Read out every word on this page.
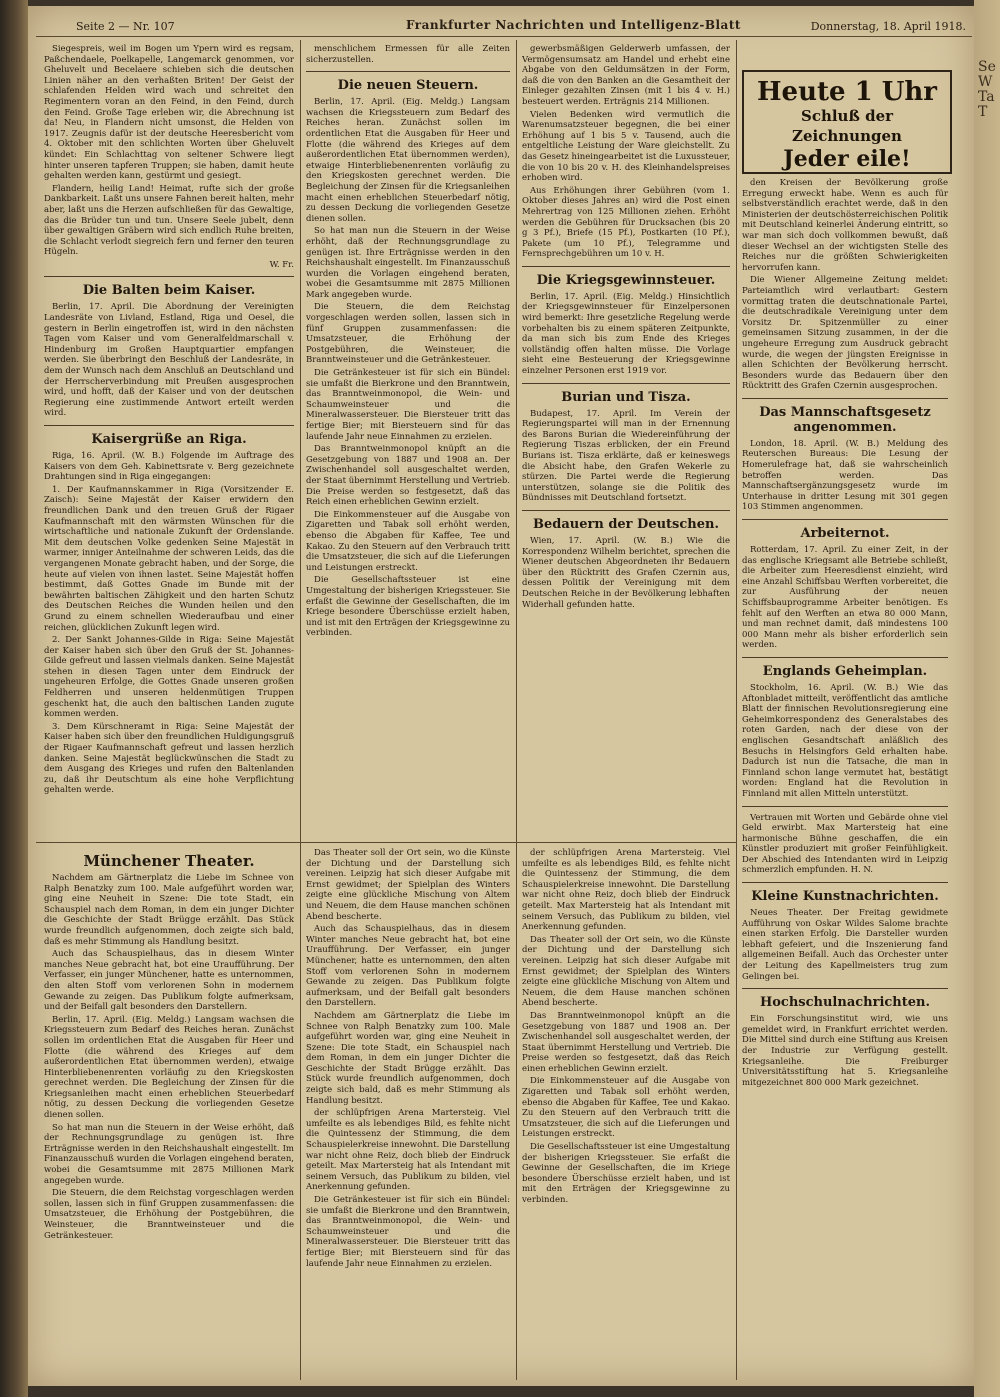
Se W Ta T
Seite 2 — Nr. 107	Frankfurter Nachrichten und Intelligenz-Blatt	Donnerstag, 18. April 1918.

Siegespreis, weil im Bogen um Ypern wird es regsam, Paßchendaele, Poelkapelle, Langemarck genommen, vor Gheluvelt und Becelaere schieben sich die deutschen Linien näher an den verhaßten Briten! Der Geist der schlafenden Helden wird wach und schreitet den Regimentern voran an den Feind, in den Feind, durch den Feind. Große Tage erleben wir, die Abrechnung ist da! Neu, in Flandern nicht umsonst, die Helden von 1917. Zeugnis dafür ist der deutsche Heeresbericht vom 4. Oktober mit den schlichten Worten über Gheluvelt kündet: Ein Schlachttag von seltener Schwere liegt hinter unseren tapferen Truppen; sie haben, damit heute gehalten werden kann, gestürmt und gesiegt.

Flandern, heilig Land! Heimat, rufte sich der große Dankbarkeit. Laßt uns unsere Fahnen bereit halten, mehr aber, laßt uns die Herzen aufschließen für das Gewaltige, das die Brüder tun und tun. Unsere Seele jubelt, denn über gewaltigen Gräbern wird sich endlich Ruhe breiten, die Schlacht verlodt siegreich fern und ferner den teuren Hügeln.

W. Fr.

Die Balten beim Kaiser.

Berlin, 17. April. Die Abordnung der Vereinigten Landesräte von Livland, Estland, Riga und Oesel, die gestern in Berlin eingetroffen ist, wird in den nächsten Tagen vom Kaiser und vom Generalfeldmarschall v. Hindenburg im Großen Hauptquartier empfangen werden. Sie überbringt den Beschluß der Landesräte, in dem der Wunsch nach dem Anschluß an Deutschland und der Herrscherverbindung mit Preußen ausgesprochen wird, und hofft, daß der Kaiser und von der deutschen Regierung eine zustimmende Antwort erteilt werden wird.

Kaisergrüße an Riga.

Riga, 16. April. (W. B.) Folgende im Auftrage des Kaisers von dem Geh. Kabinettsrate v. Berg gezeichnete Drahtungen sind in Riga eingegangen:

1. Der Kaufmannskammer in Riga (Vorsitzender E. Zaisch): Seine Majestät der Kaiser erwidern den freundlichen Dank und den treuen Gruß der Rigaer Kaufmannschaft mit den wärmsten Wünschen für die wirtschaftliche und nationale Zukunft der Ordenslande. Mit dem deutschen Volke gedenken Seine Majestät in warmer, inniger Anteilnahme der schweren Leids, das die vergangenen Monate gebracht haben, und der Sorge, die heute auf vielen von ihnen lastet. Seine Majestät hoffen bestimmt, daß Gottes Gnade im Bunde mit der bewährten baltischen Zähigkeit und den harten Schutz des Deutschen Reiches die Wunden heilen und den Grund zu einem schnellen Wiederaufbau und einer reichen, glücklichen Zukunft legen wird.

2. Der Sankt Johannes-Gilde in Riga: Seine Majestät der Kaiser haben sich über den Gruß der St. Johannes-Gilde gefreut und lassen vielmals danken. Seine Majestät stehen in diesen Tagen unter dem Eindruck der ungeheuren Erfolge, die Gottes Gnade unseren großen Feldherren und unseren heldenmütigen Truppen geschenkt hat, die auch den baltischen Landen zugute kommen werden.

3. Dem Kürschneramt in Riga: Seine Majestät der Kaiser haben sich über den freundlichen Huldigungsgruß der Rigaer Kaufmannschaft gefreut und lassen herzlich danken. Seine Majestät beglückwünschen die Stadt zu dem Ausgang des Krieges und rufen den Baltenlanden zu, daß ihr Deutschtum als eine hohe Verpflichtung gehalten werde.

menschlichem Ermessen für alle Zeiten sicherzustellen.

Die neuen Steuern.

Berlin, 17. April. (Eig. Meldg.) Langsam wachsen die Kriegssteuern zum Bedarf des Reiches heran. Zunächst sollen im ordentlichen Etat die Ausgaben für Heer und Flotte (die während des Krieges auf dem außerordentlichen Etat übernommen werden), etwaige Hinterbliebenenrenten vorläufig zu den Kriegskosten gerechnet werden. Die Begleichung der Zinsen für die Kriegsanleihen macht einen erheblichen Steuerbedarf nötig, zu dessen Deckung die vorliegenden Gesetze dienen sollen.

So hat man nun die Steuern in der Weise erhöht, daß der Rechnungsgrundlage zu genügen ist. Ihre Erträgnisse werden in den Reichshaushalt eingestellt. Im Finanzausschuß wurden die Vorlagen eingehend beraten, wobei die Gesamtsumme mit 2875 Millionen Mark angegeben wurde.

Die Steuern, die dem Reichstag vorgeschlagen werden sollen, lassen sich in fünf Gruppen zusammenfassen: die Umsatzsteuer, die Erhöhung der Postgebühren, die Weinsteuer, die Branntweinsteuer und die Getränkesteuer.

Die Getränkesteuer ist für sich ein Bündel: sie umfaßt die Bierkrone und den Branntwein, das Branntweinmonopol, die Wein- und Schaumweinsteuer und die Mineralwassersteuer. Die Biersteuer tritt das fertige Bier; mit Biersteuern sind für das laufende Jahr neue Einnahmen zu erzielen.

Das Branntweinmonopol knüpft an die Gesetzgebung von 1887 und 1908 an. Der Zwischenhandel soll ausgeschaltet werden, der Staat übernimmt Herstellung und Vertrieb. Die Preise werden so festgesetzt, daß das Reich einen erheblichen Gewinn erzielt.

Die Einkommensteuer auf die Ausgabe von Zigaretten und Tabak soll erhöht werden, ebenso die Abgaben für Kaffee, Tee und Kakao. Zu den Steuern auf den Verbrauch tritt die Umsatzsteuer, die sich auf die Lieferungen und Leistungen erstreckt.

Die Gesellschaftssteuer ist eine Umgestaltung der bisherigen Kriegssteuer. Sie erfaßt die Gewinne der Gesellschaften, die im Kriege besondere Überschüsse erzielt haben, und ist mit den Erträgen der Kriegsgewinne zu verbinden.

gewerbsmäßigen Gelderwerb umfassen, der Vermögensumsatz am Handel und erhebt eine Abgabe von den Geldumsätzen in der Form, daß die von den Banken an die Gesamtheit der Einleger gezahlten Zinsen (mit 1 bis 4 v. H.) besteuert werden. Erträgnis 214 Millionen.

Vielen Bedenken wird vermutlich die Warenumsatzsteuer begegnen, die bei einer Erhöhung auf 1 bis 5 v. Tausend, auch die entgeltliche Leistung der Ware gleichstellt. Zu das Gesetz hineingearbeitet ist die Luxussteuer, die von 10 bis 20 v. H. des Kleinhandelspreises erhoben wird.

Aus Erhöhungen ihrer Gebühren (vom 1. Oktober dieses Jahres an) wird die Post einen Mehrertrag von 125 Millionen ziehen. Erhöht werden die Gebühren für Drucksachen (bis 20 g 3 Pf.), Briefe (15 Pf.), Postkarten (10 Pf.), Pakete (um 10 Pf.), Telegramme und Fernsprechgebühren um 10 v. H.

Die Kriegsgewinnsteuer.

Berlin, 17. April. (Eig. Meldg.) Hinsichtlich der Kriegsgewinnsteuer für Einzelpersonen wird bemerkt: Ihre gesetzliche Regelung werde vorbehalten bis zu einem späteren Zeitpunkte, da man sich bis zum Ende des Krieges vollständig offen halten müsse. Die Vorlage sieht eine Besteuerung der Kriegsgewinne einzelner Personen erst 1919 vor.

Burian und Tisza.

Budapest, 17. April. Im Verein der Regierungspartei will man in der Ernennung des Barons Burian die Wiedereinführung der Regierung Tiszas erblicken, der ein Freund Burians ist. Tisza erklärte, daß er keineswegs die Absicht habe, den Grafen Wekerle zu stürzen. Die Partei werde die Regierung unterstützen, solange sie die Politik des Bündnisses mit Deutschland fortsetzt.

Bedauern der Deutschen.

Wien, 17. April. (W. B.) Wie die Korrespondenz Wilhelm berichtet, sprechen die Wiener deutschen Abgeordneten ihr Bedauern über den Rücktritt des Grafen Czernin aus, dessen Politik der Vereinigung mit dem Deutschen Reiche in der Bevölkerung lebhaften Widerhall gefunden hatte.

Münchener Theater.

Nachdem am Gärtnerplatz die Liebe im Schnee von Ralph Benatzky zum 100. Male aufgeführt worden war, ging eine Neuheit in Szene: Die tote Stadt, ein Schauspiel nach dem Roman, in dem ein junger Dichter die Geschichte der Stadt Brügge erzählt. Das Stück wurde freundlich aufgenommen, doch zeigte sich bald, daß es mehr Stimmung als Handlung besitzt.

Auch das Schauspielhaus, das in diesem Winter manches Neue gebracht hat, bot eine Uraufführung. Der Verfasser, ein junger Münchener, hatte es unternommen, den alten Stoff vom verlorenen Sohn in modernem Gewande zu zeigen. Das Publikum folgte aufmerksam, und der Beifall galt besonders den Darstellern.

Berlin, 17. April. (Eig. Meldg.) Langsam wachsen die Kriegssteuern zum Bedarf des Reiches heran. Zunächst sollen im ordentlichen Etat die Ausgaben für Heer und Flotte (die während des Krieges auf dem außerordentlichen Etat übernommen werden), etwaige Hinterbliebenenrenten vorläufig zu den Kriegskosten gerechnet werden. Die Begleichung der Zinsen für die Kriegsanleihen macht einen erheblichen Steuerbedarf nötig, zu dessen Deckung die vorliegenden Gesetze dienen sollen.

So hat man nun die Steuern in der Weise erhöht, daß der Rechnungsgrundlage zu genügen ist. Ihre Erträgnisse werden in den Reichshaushalt eingestellt. Im Finanzausschuß wurden die Vorlagen eingehend beraten, wobei die Gesamtsumme mit 2875 Millionen Mark angegeben wurde.

Die Steuern, die dem Reichstag vorgeschlagen werden sollen, lassen sich in fünf Gruppen zusammenfassen: die Umsatzsteuer, die Erhöhung der Postgebühren, die Weinsteuer, die Branntweinsteuer und die Getränkesteuer.

Das Theater soll der Ort sein, wo die Künste der Dichtung und der Darstellung sich vereinen. Leipzig hat sich dieser Aufgabe mit Ernst gewidmet; der Spielplan des Winters zeigte eine glückliche Mischung von Altem und Neuem, die dem Hause manchen schönen Abend bescherte.

Auch das Schauspielhaus, das in diesem Winter manches Neue gebracht hat, bot eine Uraufführung. Der Verfasser, ein junger Münchener, hatte es unternommen, den alten Stoff vom verlorenen Sohn in modernem Gewande zu zeigen. Das Publikum folgte aufmerksam, und der Beifall galt besonders den Darstellern.

Nachdem am Gärtnerplatz die Liebe im Schnee von Ralph Benatzky zum 100. Male aufgeführt worden war, ging eine Neuheit in Szene: Die tote Stadt, ein Schauspiel nach dem Roman, in dem ein junger Dichter die Geschichte der Stadt Brügge erzählt. Das Stück wurde freundlich aufgenommen, doch zeigte sich bald, daß es mehr Stimmung als Handlung besitzt.

der schlüpfrigen Arena Martersteig. Viel umfeilte es als lebendiges Bild, es fehlte nicht die Quintessenz der Stimmung, die dem Schauspielerkreise innewohnt. Die Darstellung war nicht ohne Reiz, doch blieb der Eindruck geteilt. Max Martersteig hat als Intendant mit seinem Versuch, das Publikum zu bilden, viel Anerkennung gefunden.

Die Getränkesteuer ist für sich ein Bündel: sie umfaßt die Bierkrone und den Branntwein, das Branntweinmonopol, die Wein- und Schaumweinsteuer und die Mineralwassersteuer. Die Biersteuer tritt das fertige Bier; mit Biersteuern sind für das laufende Jahr neue Einnahmen zu erzielen.

der schlüpfrigen Arena Martersteig. Viel umfeilte es als lebendiges Bild, es fehlte nicht die Quintessenz der Stimmung, die dem Schauspielerkreise innewohnt. Die Darstellung war nicht ohne Reiz, doch blieb der Eindruck geteilt. Max Martersteig hat als Intendant mit seinem Versuch, das Publikum zu bilden, viel Anerkennung gefunden.

Das Theater soll der Ort sein, wo die Künste der Dichtung und der Darstellung sich vereinen. Leipzig hat sich dieser Aufgabe mit Ernst gewidmet; der Spielplan des Winters zeigte eine glückliche Mischung von Altem und Neuem, die dem Hause manchen schönen Abend bescherte.

Das Branntweinmonopol knüpft an die Gesetzgebung von 1887 und 1908 an. Der Zwischenhandel soll ausgeschaltet werden, der Staat übernimmt Herstellung und Vertrieb. Die Preise werden so festgesetzt, daß das Reich einen erheblichen Gewinn erzielt.

Die Einkommensteuer auf die Ausgabe von Zigaretten und Tabak soll erhöht werden, ebenso die Abgaben für Kaffee, Tee und Kakao. Zu den Steuern auf den Verbrauch tritt die Umsatzsteuer, die sich auf die Lieferungen und Leistungen erstreckt.

Die Gesellschaftssteuer ist eine Umgestaltung der bisherigen Kriegssteuer. Sie erfaßt die Gewinne der Gesellschaften, die im Kriege besondere Überschüsse erzielt haben, und ist mit den Erträgen der Kriegsgewinne zu verbinden.

Heute 1 Uhr
Schluß der Zeichnungen
Jeder eile!

den Kreisen der Bevölkerung große Erregung erweckt habe. Wenn es auch für selbstverständlich erachtet werde, daß in den Ministerien der deutschösterreichischen Politik mit Deutschland keinerlei Änderung eintritt, so war man sich doch vollkommen bewußt, daß dieser Wechsel an der wichtigsten Stelle des Reiches nur die größten Schwierigkeiten hervorrufen kann.

Die Wiener Allgemeine Zeitung meldet: Parteiamtlich wird verlautbart: Gestern vormittag traten die deutschnationale Partei, die deutschradikale Vereinigung unter dem Vorsitz Dr. Spitzenmüller zu einer gemeinsamen Sitzung zusammen, in der die ungeheure Erregung zum Ausdruck gebracht wurde, die wegen der jüngsten Ereignisse in allen Schichten der Bevölkerung herrscht. Besonders wurde das Bedauern über den Rücktritt des Grafen Czernin ausgesprochen.

Das Mannschaftsgesetz angenommen.

London, 18. April. (W. B.) Meldung des Reuterschen Bureaus: Die Lesung der Homerulefrage hat, daß sie wahrscheinlich betroffen werden. Das Mannschaftsergänzungsgesetz wurde im Unterhause in dritter Lesung mit 301 gegen 103 Stimmen angenommen.

Arbeiternot.

Rotterdam, 17. April. Zu einer Zeit, in der das englische Kriegsamt alle Betriebe schließt, die Arbeiter zum Heeresdienst einzieht, wird eine Anzahl Schiffsbau Werften vorbereitet, die zur Ausführung der neuen Schiffsbauprogramme Arbeiter benötigen. Es fehlt auf den Werften an etwa 80 000 Mann, und man rechnet damit, daß mindestens 100 000 Mann mehr als bisher erforderlich sein werden.

Englands Geheimplan.

Stockholm, 16. April. (W. B.) Wie das Aftonbladet mitteilt, veröffentlicht das amtliche Blatt der finnischen Revolutionsregierung eine Geheimkorrespondenz des Generalstabes des roten Garden, nach der diese von der englischen Gesandtschaft anläßlich des Besuchs in Helsingfors Geld erhalten habe. Dadurch ist nun die Tatsache, die man in Finnland schon lange vermutet hat, bestätigt worden: England hat die Revolution in Finnland mit allen Mitteln unterstützt.

Vertrauen mit Worten und Gebärde ohne viel Geld erwirbt. Max Martersteig hat eine harmonische Bühne geschaffen, die ein Künstler produziert mit großer Feinfühligkeit. Der Abschied des Intendanten wird in Leipzig schmerzlich empfunden. H. N.

Kleine Kunstnachrichten.

Neues Theater. Der Freitag gewidmete Aufführung von Oskar Wildes Salome brachte einen starken Erfolg. Die Darsteller wurden lebhaft gefeiert, und die Inszenierung fand allgemeinen Beifall. Auch das Orchester unter der Leitung des Kapellmeisters trug zum Gelingen bei.

Hochschulnachrichten.

Ein Forschungsinstitut wird, wie uns gemeldet wird, in Frankfurt errichtet werden. Die Mittel sind durch eine Stiftung aus Kreisen der Industrie zur Verfügung gestellt. Kriegsanleihe. Die Freiburger Universitätsstiftung hat 5. Kriegsanleihe mitgezeichnet 800 000 Mark gezeichnet.
